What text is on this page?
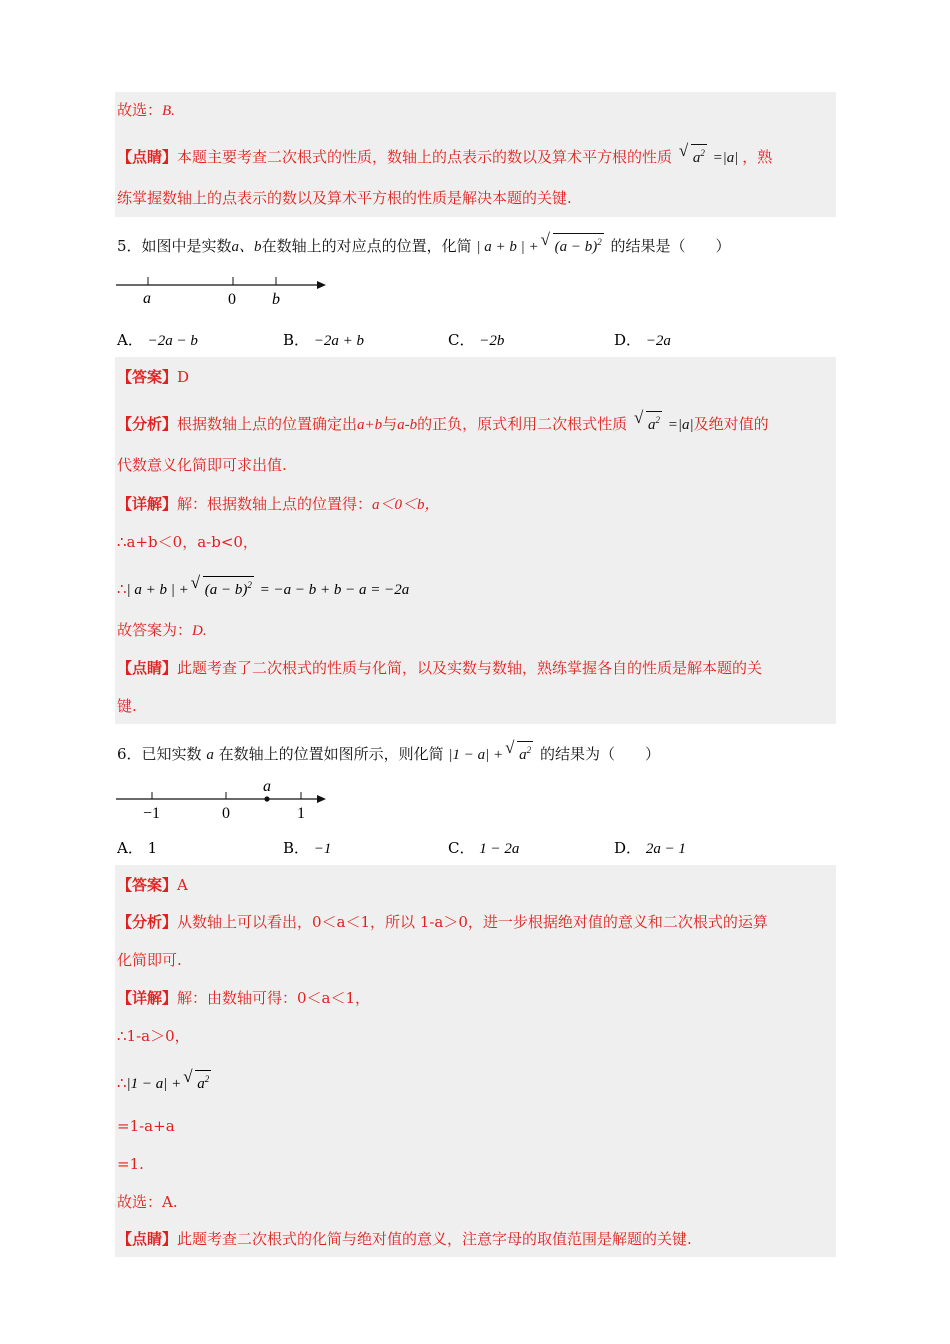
故选：B.
【点睛】本题主要考查二次根式的性质，数轴上的点表示的数以及算术平方根的性质 √ $a^2 =|a|$ ，熟
练掌握数轴上的点表示的数以及算术平方根的性质是解决本题的关键.
5．如图中是实数a、b在数轴上的对应点的位置，化简 | a + b | + √ $(a - b)^2$ 的结果是（　　）
a	0 b
A． −2a − b	B． −2a + b	C． −2b	D． −2a
【答案】D
【分析】根据数轴上点的位置确定出a+b与a-b的正负，原式利用二次根式性质 √ $a^2 =|a|$及绝对值的
代数意义化简即可求出值.
【详解】解：根据数轴上点的位置得：a＜0＜b，
∴a+b＜0，a-b<0，
∴| a + b | + √ $(a - b)^2 = -a - b + b - a = -2a$
故答案为：D.
【点睛】此题考查了二次根式的性质与化简，以及实数与数轴，熟练掌握各自的性质是解本题的关
键.
6．已知实数 a 在数轴上的位置如图所示，则化简 |1 − a| + √ $a^2$ 的结果为（　　）
−1	0
a
1
A． 1	B． −1	C． 1 − 2a	D． 2a − 1
【答案】A
【分析】从数轴上可以看出，0＜a＜1，所以 1-a＞0，进一步根据绝对值的意义和二次根式的运算
化简即可.
【详解】解：由数轴可得：0＜a＜1，
∴1-a＞0，
∴|1 − a| + √ $a^2$
=1-a+a
=1.
故选：A.
【点睛】此题考查二次根式的化简与绝对值的意义，注意字母的取值范围是解题的关键.
